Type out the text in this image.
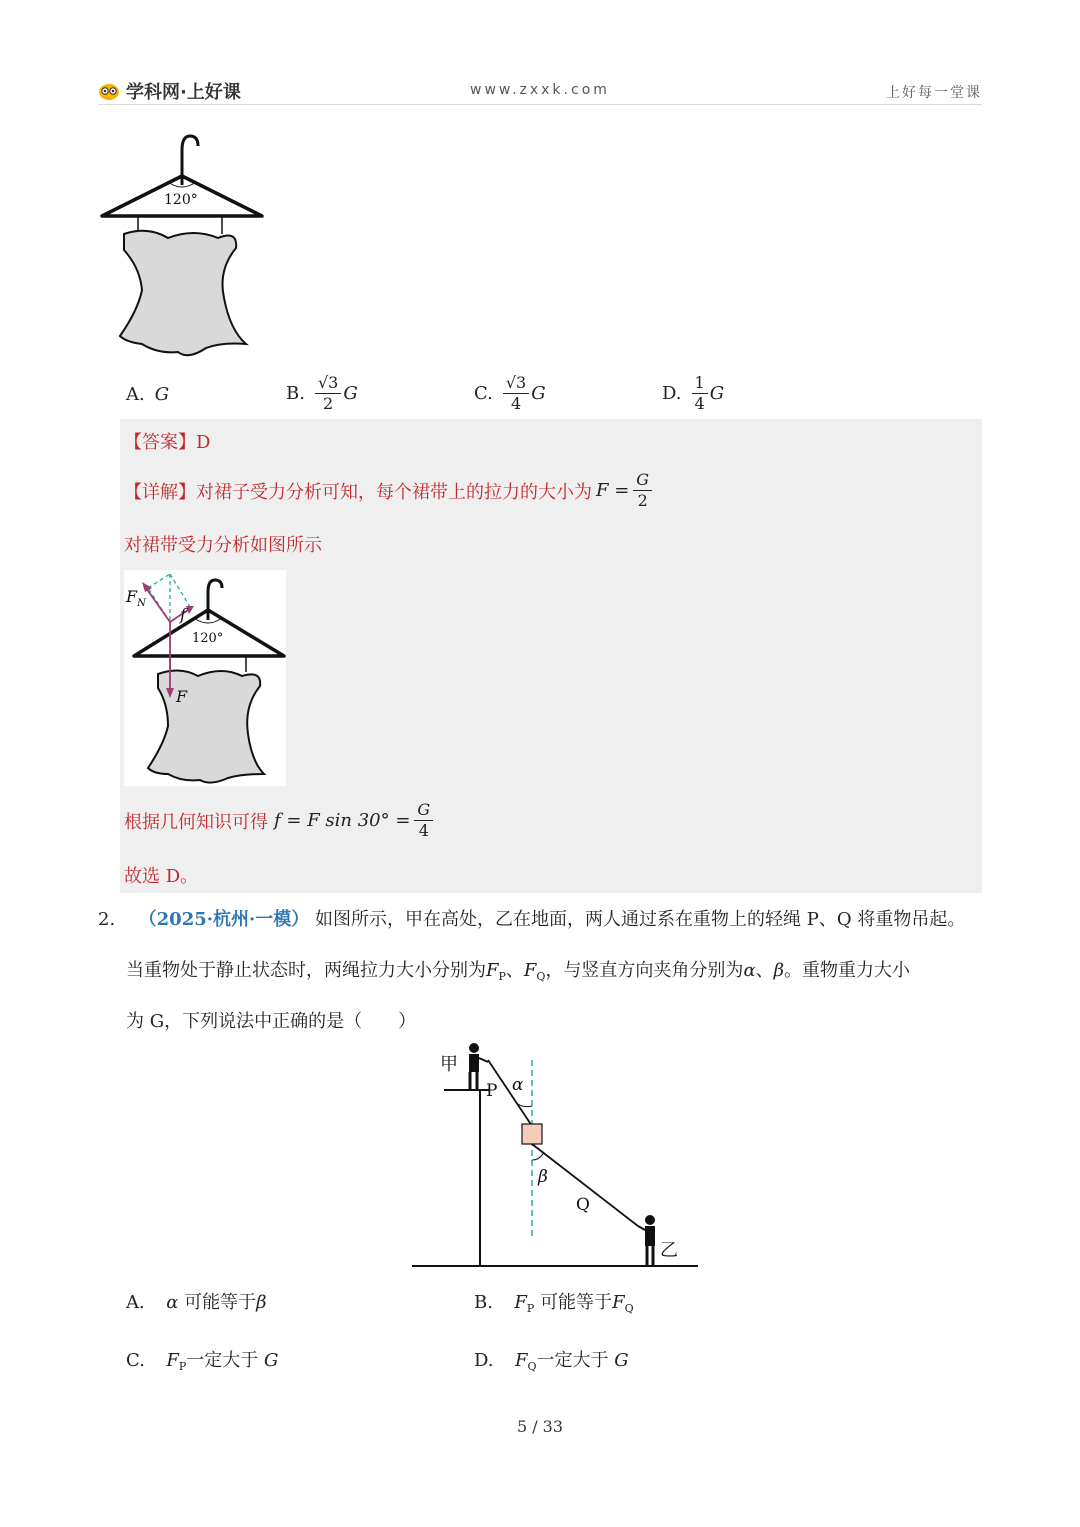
学科网·上好课	www.zxxk.com	上好每一堂课
120°
A. G	B. $\frac{√3}{2}$ G	C. $\frac{√3}{4}$ G	D. $\frac{1}{4}$ G
【答案】D
【详解】 对裙子受力分析可知，每个裙带上的拉力的大小为 $F = \frac{G}{2}$
对裙带受力分析如图所示
120°
$F_N$
f
F
根据几何知识可得 f = F $\sin 30^\circ = \frac{G}{4}$
故选 D。
2. （2025·杭州·一模） 如图所示，甲在高处，乙在地面，两人通过系在重物上的轻绳 P、Q 将重物吊起。
当重物处于静止状态时，两绳拉力大小分别为$F_P$、$F_Q$，与竖直方向夹角分别为α、β。重物重力大小
为 G，下列说法中正确的是（　　）
甲
P α
β
Q
乙
A. α 可能等于β	B. $F_P$ 可能等于$F_Q$
C. $F_P$一定大于 G	D. $F_Q$一定大于 G
5 / 33
